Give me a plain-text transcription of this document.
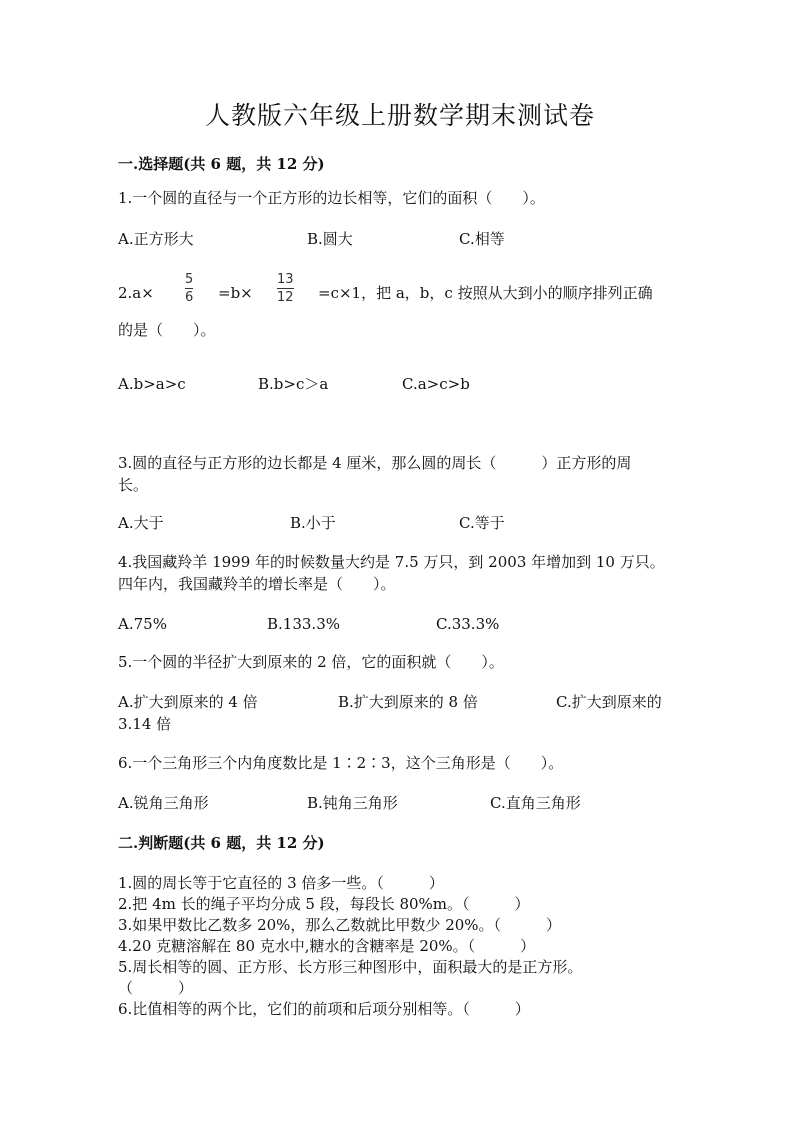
人教版六年级上册数学期末测试卷
一.选择题(共 6 题，共 12 分)
1.一个圆的直径与一个正方形的边长相等，它们的面积（　　）。
A.正方形大	B.圆大	C.相等
2.a×
5
6 =b×
13
12 =c×1，把 a，b，c 按照从大到小的顺序排列正确
的是（　　）。
A.b>a>c	B.b>c＞a	C.a>c>b
3.圆的直径与正方形的边长都是 4 厘米，那么圆的周长（　　　）正方形的周
长。
A.大于	B.小于	C.等于
4.我国藏羚羊 1999 年的时候数量大约是 7.5 万只，到 2003 年增加到 10 万只。
四年内，我国藏羚羊的增长率是（　　）。
A.75%	B.133.3%	C.33.3%
5.一个圆的半径扩大到原来的 2 倍，它的面积就（　　）。
A.扩大到原来的 4 倍	B.扩大到原来的 8 倍	C.扩大到原来的
3.14 倍
6.一个三角形三个内角度数比是 1∶2∶3，这个三角形是（　　）。
A.锐角三角形	B.钝角三角形	C.直角三角形
二.判断题(共 6 题，共 12 分)
1.圆的周长等于它直径的 3 倍多一些。（　　　）
2.把 4m 长的绳子平均分成 5 段，每段长 80%m。（　　　）
3.如果甲数比乙数多 20%，那么乙数就比甲数少 20%。（　　　）
4.20 克糖溶解在 80 克水中,糖水的含糖率是 20%。（　　　）
5.周长相等的圆、正方形、长方形三种图形中，面积最大的是正方形。
（　　　）
6.比值相等的两个比，它们的前项和后项分别相等。（　　　）
